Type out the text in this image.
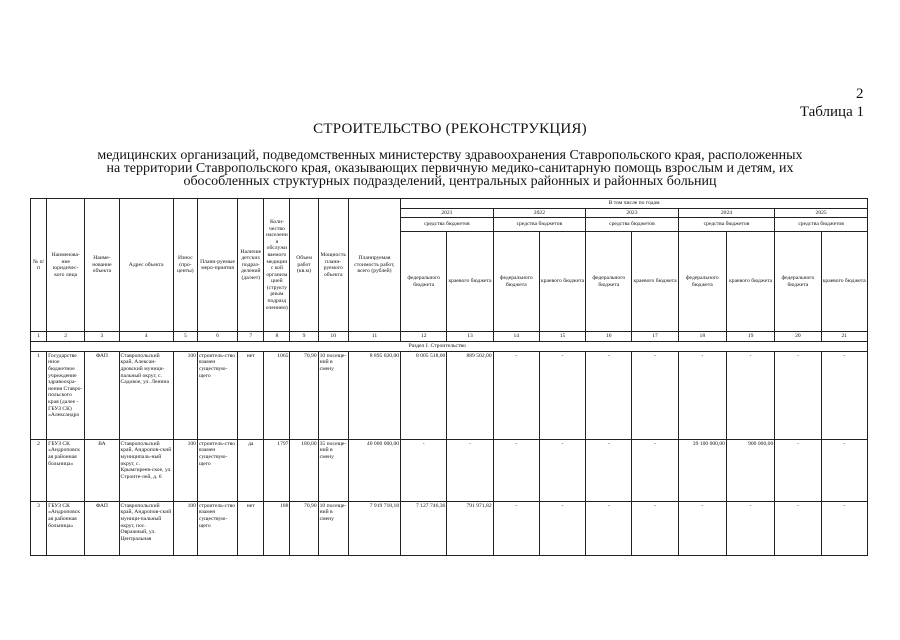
2
Таблица 1
СТРОИТЕЛЬСТВО (РЕКОНСТРУКЦИЯ)
медицинских организаций, подведомственных министерству здравоохранения Ставропольского края, расположенных
на территории Ставропольского края, оказывающих первичную медико-санитарную помощь взрослым и детям, их
обособленных структурных подразделений, центральных районных и районных больниц
№ п/п	Наименова-ние юридичес-кого лица	Наиме-нование объекта	Адрес объекта	Износ (про-центы)	Плани-руемые меро-приятия	Наличие детских подраз-делений (да/нет)	Коли-чество населени я обслужи ваемого медицинс кой организа цией (структу рным подразд елением)	Объем работ (кв.м)	Мощность плани-руемого объекта	Планируемая стоимость работ, всего (рублей)	В том числе по годам									
											2021		2022		2023		2024		2025	
											средства бюджетов		средства бюджетов		средства бюджетов		средства бюджетов		средства бюджетов	
											федерального бюджета	краевого бюджета	федерального бюджета	краевого бюджета	федерального бюджета	краевого бюджета	федерального бюджета	краевого бюджета	федерального бюджета	краевого бюджета
1	2	3	4	5	6	7	8	9	10	11	12	13	14	15	16	17	18	19	20	21
											Раздел I. Строительство									
1	Государстве нное бюджетное учреждение здравоохра-нения Ставро-польского края (далее - ГБУЗ СК) «Александро	ФАП	Ставропольский край, Алексан-дровский муници-пальный округ, с. Садовое, ул. Ленина	100	строитель-ство взамен существую-щего	нет	1065	70,90	10 посеще-ний в смену	8 895 020,00	8 005 518,00	889 502,00	-	-	-	-	-	-	-	-
2	ГБУЗ СК «Андроповск ая районная больница»	ВА	Ставропольский край, Андропов-ский муниципаль-ный округ, с. Крымгиреев-ское, ул. Строите-лей, д. 6	100	строитель-ство взамен существую-щего	да	1797	180,00	35 посеще-ний в смену	40 000 000,00	-	-	-	-	-	-	39 100 000,00	900 000,00	-	-
3	ГБУЗ СК «Андроповск ая районная больница»	ФАП	Ставропольский край, Андропов-ский муници-пальный округ, пос. Овражный, ул. Центральная	100	строитель-ство взамен существую-щего	нет	188	70,90	10 посеще-ний в смену	7 919 718,18	7 127 746,36	791 971,82	-	-	-	-	-	-	-	-
